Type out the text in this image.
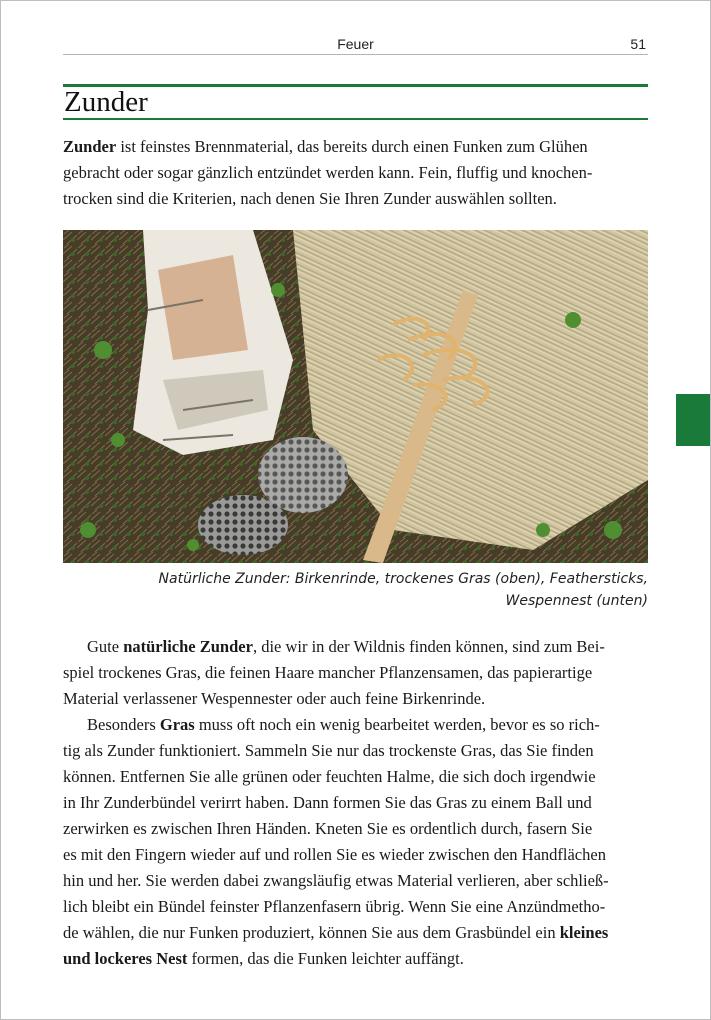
Feuer	51
Zunder
Zunder ist feinstes Brennmaterial, das bereits durch einen Funken zum Glühen
gebracht oder sogar gänzlich entzündet werden kann. Fein, fluffig und knochen-
trocken sind die Kriterien, nach denen Sie Ihren Zunder auswählen sollten.
Natürliche Zunder: Birkenrinde, trockenes Gras (oben), Feathersticks,
Wespennest (unten)
Gute natürliche Zunder, die wir in der Wildnis finden können, sind zum Bei-
spiel trockenes Gras, die feinen Haare mancher Pflanzensamen, das papierartige
Material verlassener Wespennester oder auch feine Birkenrinde.
Besonders Gras muss oft noch ein wenig bearbeitet werden, bevor es so rich-
tig als Zunder funktioniert. Sammeln Sie nur das trockenste Gras, das Sie finden
können. Entfernen Sie alle grünen oder feuchten Halme, die sich doch irgendwie
in Ihr Zunderbündel verirrt haben. Dann formen Sie das Gras zu einem Ball und
zerwirken es zwischen Ihren Händen. Kneten Sie es ordentlich durch, fasern Sie
es mit den Fingern wieder auf und rollen Sie es wieder zwischen den Handflächen
hin und her. Sie werden dabei zwangsläufig etwas Material verlieren, aber schließ-
lich bleibt ein Bündel feinster Pflanzenfasern übrig. Wenn Sie eine Anzündmetho-
de wählen, die nur Funken produziert, können Sie aus dem Grasbündel ein kleines
und lockeres Nest formen, das die Funken leichter auffängt.
